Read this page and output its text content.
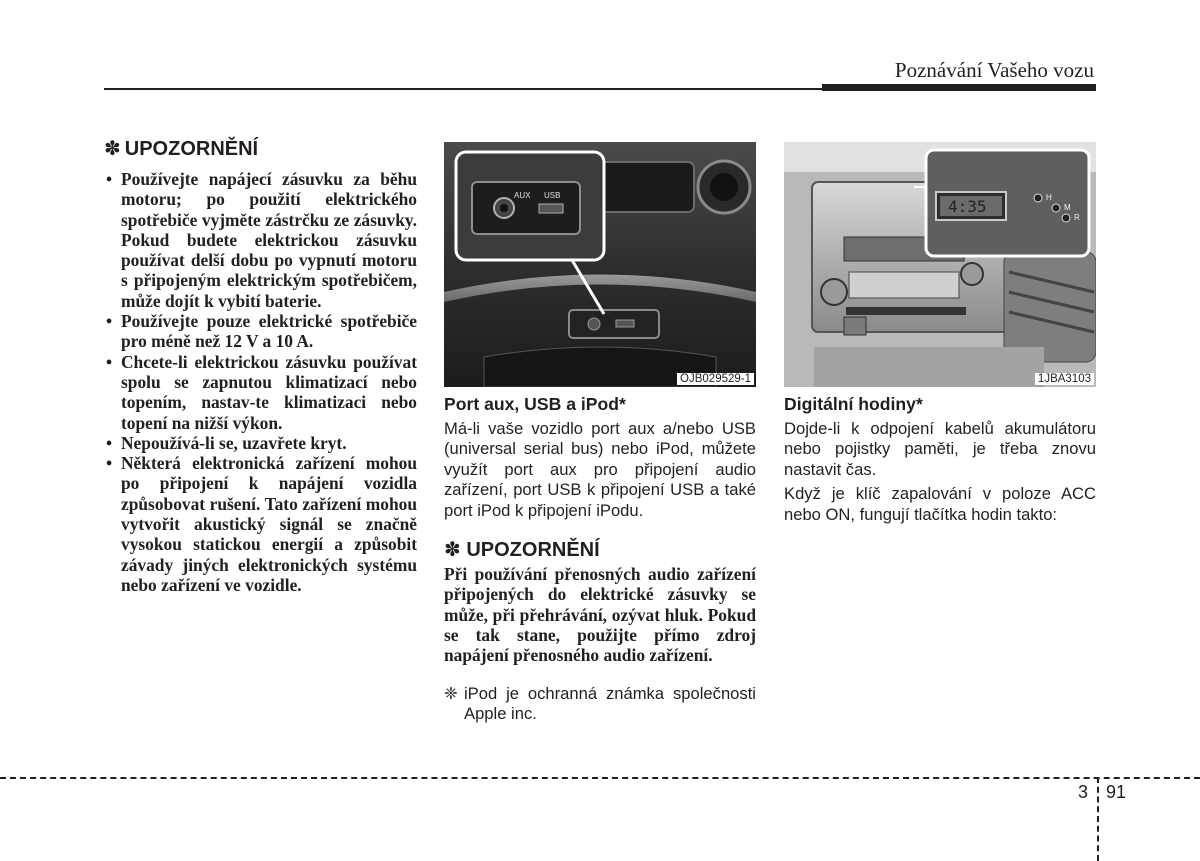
Poznávání Vašeho vozu
✽ UPOZORNĚNÍ
• Používejte napájecí zásuvku za běhu motoru; po použití elektrického spotřebiče vyjměte zástrčku ze zásuvky. Pokud budete elektrickou zásuvku používat delší dobu po vypnutí motoru s připojeným elektrickým spotřebičem, může dojít k vybití baterie.
• Používejte pouze elektrické spotřebiče pro méně než 12 V a 10 A.
• Chcete-li elektrickou zásuvku používat spolu se zapnutou klimatizací nebo topením, nastav-te klimatizaci nebo topení na nižší výkon.
• Nepoužívá-li se, uzavřete kryt.
• Některá elektronická zařízení mohou po připojení k napájení vozidla způsobovat rušení. Tato zařízení mohou vytvořit akustický signál se značně vysokou statickou energií a způsobit závady jiných elektronických systému nebo zařízení ve vozidle.
AUX USB
OJB029529-1
Port aux, USB a iPod*

Má-li vaše vozidlo port aux a/nebo USB (universal serial bus) nebo iPod, můžete využít port aux pro připojení audio zařízení, port USB k připojení USB a také port iPod k připojení iPodu.

✽ UPOZORNĚNÍ

Při používání přenosných audio zařízení připojených do elektrické zásuvky se může, při přehrávání, ozývat hluk. Pokud se tak stane, použijte přímo zdroj napájení přenosného audio zařízení.

❈ iPod je ochranná známka společnosti Apple inc.
4:35	H
M
R
1JBA3103
Digitální hodiny*

Dojde-li k odpojení kabelů akumulátoru nebo pojistky paměti, je třeba znovu nastavit čas.

Když je klíč zapalování v poloze ACC nebo ON, fungují tlačítka hodin takto:

3 91
